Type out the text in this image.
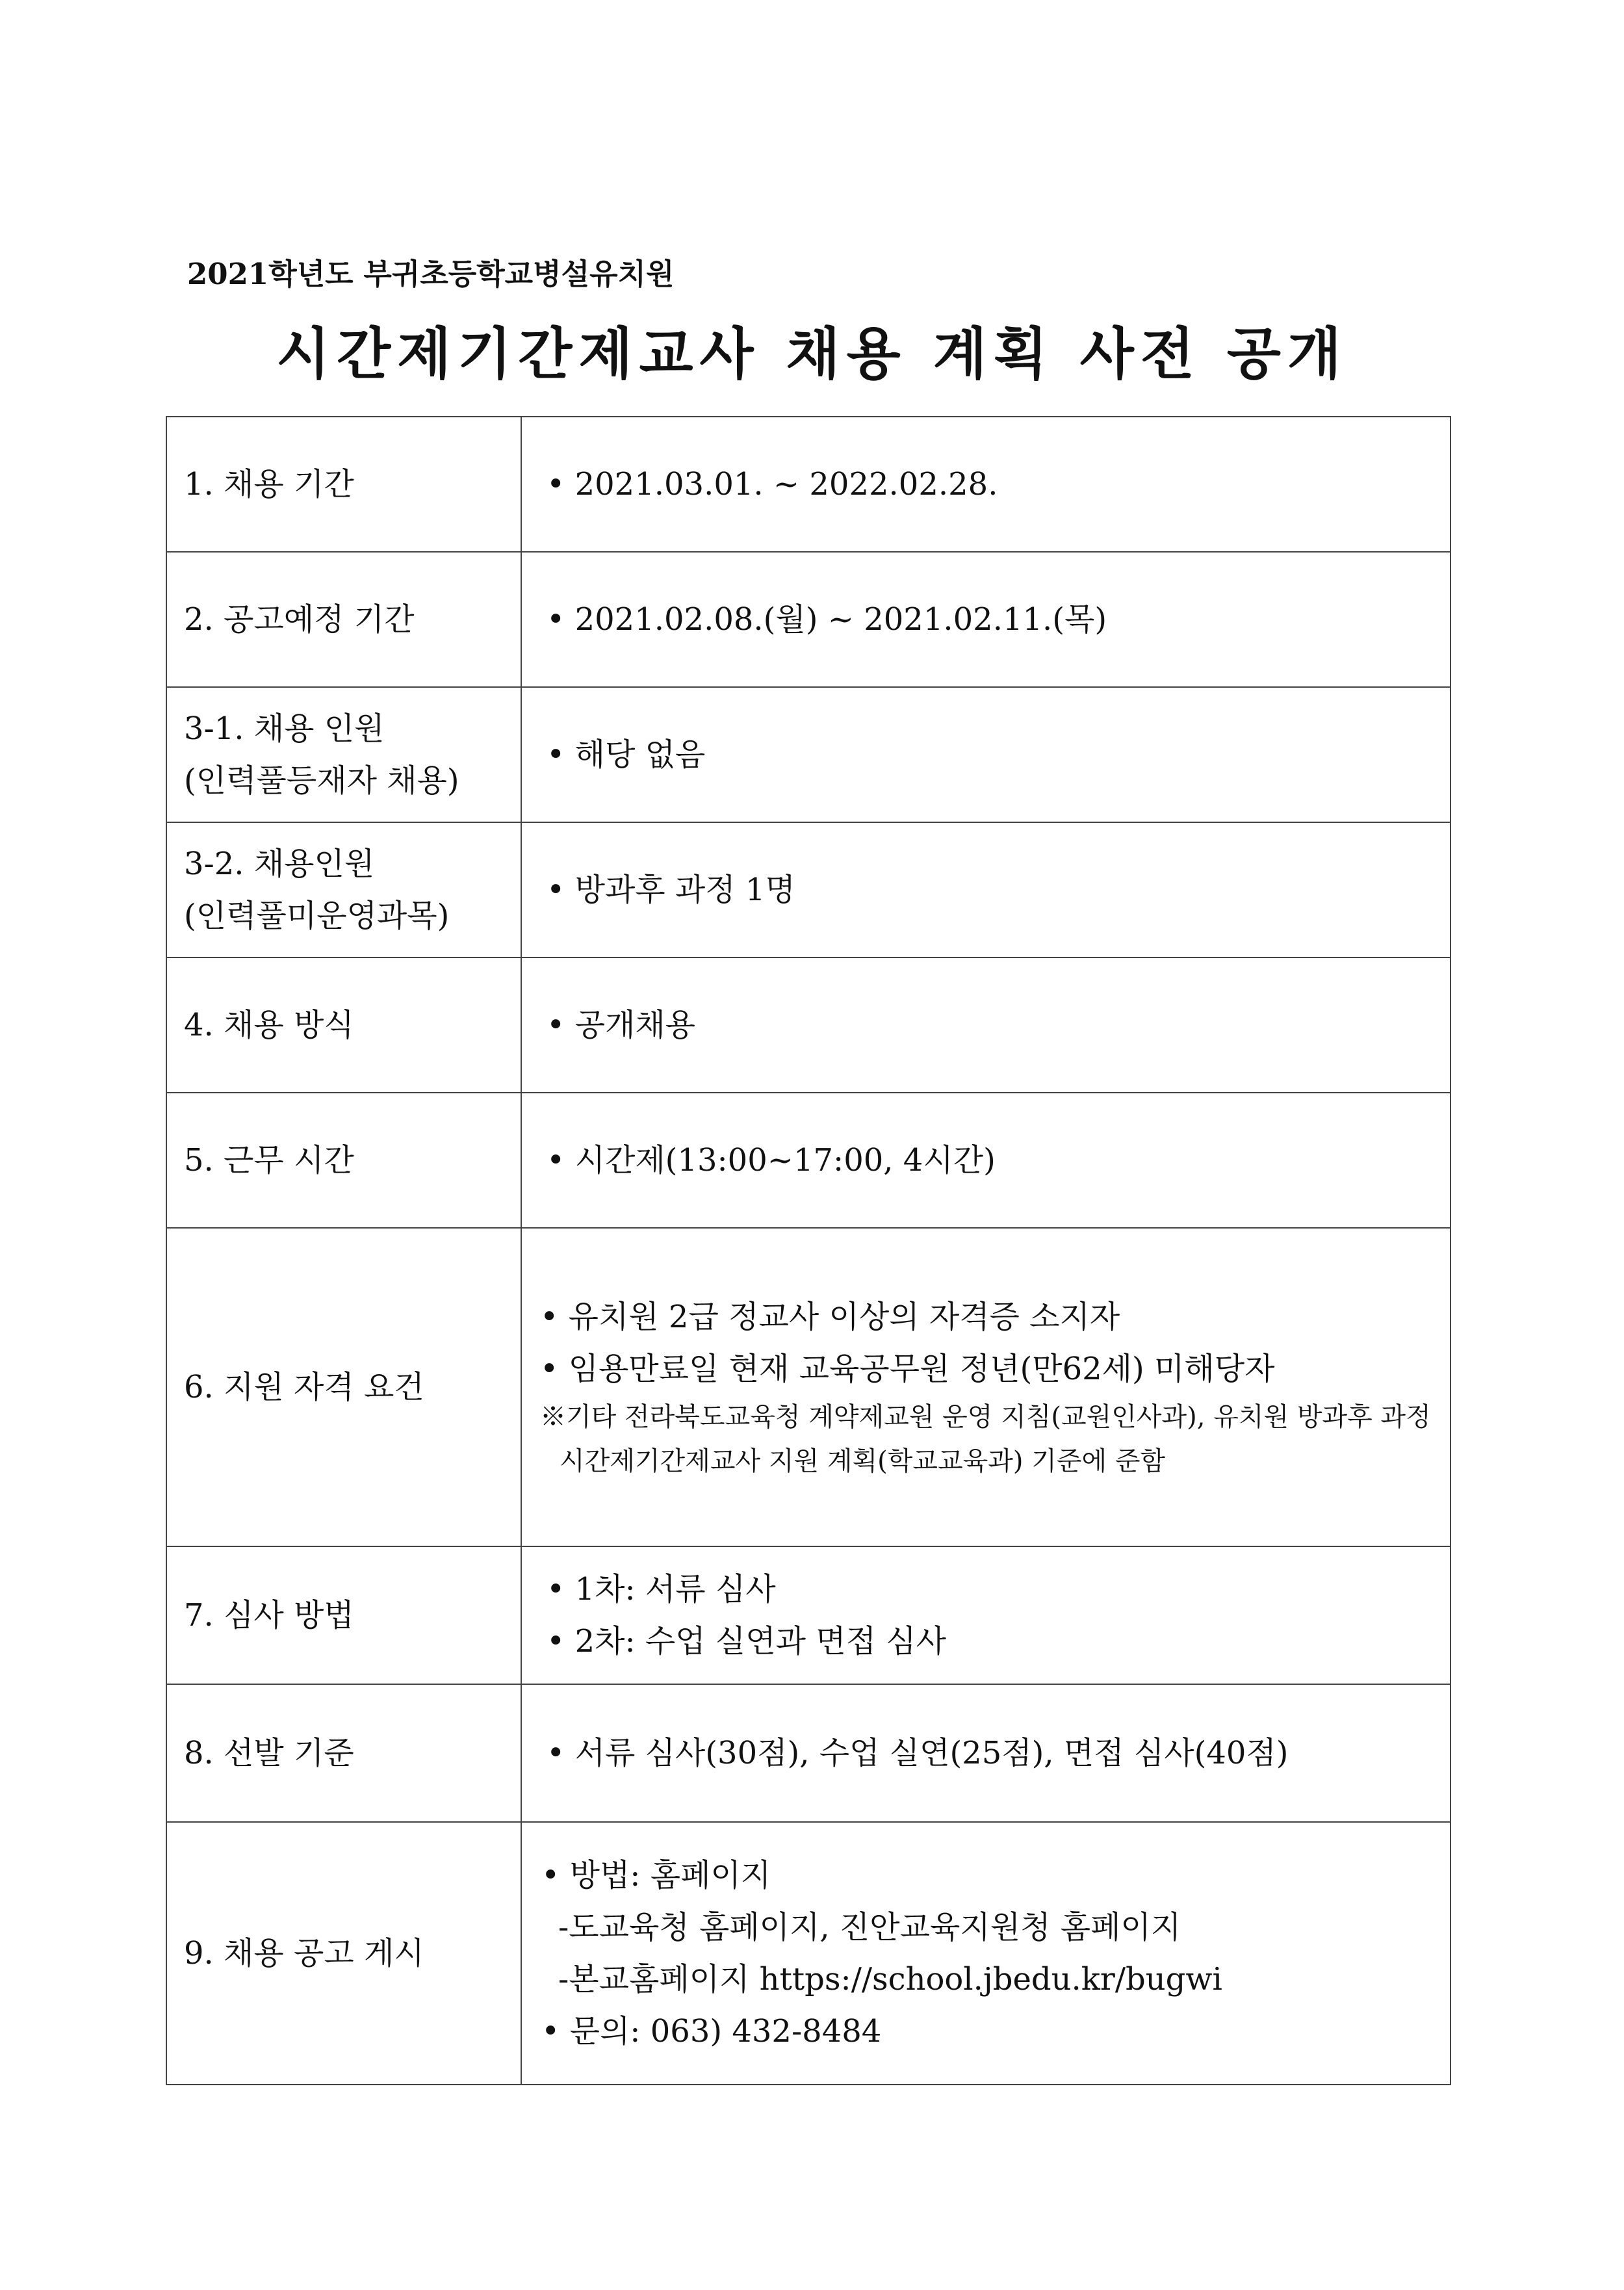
2021학년도 부귀초등학교병설유치원
시간제기간제교사 채용 계획 사전 공개
1. 채용 기간	• 2021.03.01. ~ 2022.02.28.

2. 공고예정 기간	• 2021.02.08.(월) ~ 2021.02.11.(목)

3-1. 채용 인원
(인력풀등재자 채용)	• 해당 없음

3-2. 채용인원
(인력풀미운영과목)	• 방과후 과정 1명

4. 채용 방식	• 공개채용

5. 근무 시간	• 시간제(13:00~17:00, 4시간)

6. 지원 자격 요건	• 유치원 2급 정교사 이상의 자격증 소지자
• 임용만료일 현재 교육공무원 정년(만62세) 미해당자
※기타 전라북도교육청 계약제교원 운영 지침(교원인사과), 유치원 방과후 과정
시간제기간제교사 지원 계획(학교교육과) 기준에 준함

7. 심사 방법	• 1차: 서류 심사
• 2차: 수업 실연과 면접 심사

8. 선발 기준	• 서류 심사(30점), 수업 실연(25점), 면접 심사(40점)

9. 채용 공고 게시	• 방법: 홈페이지
-도교육청 홈페이지, 진안교육지원청 홈페이지
-본교홈페이지 https://school.jbedu.kr/bugwi
• 문의: 063) 432-8484
